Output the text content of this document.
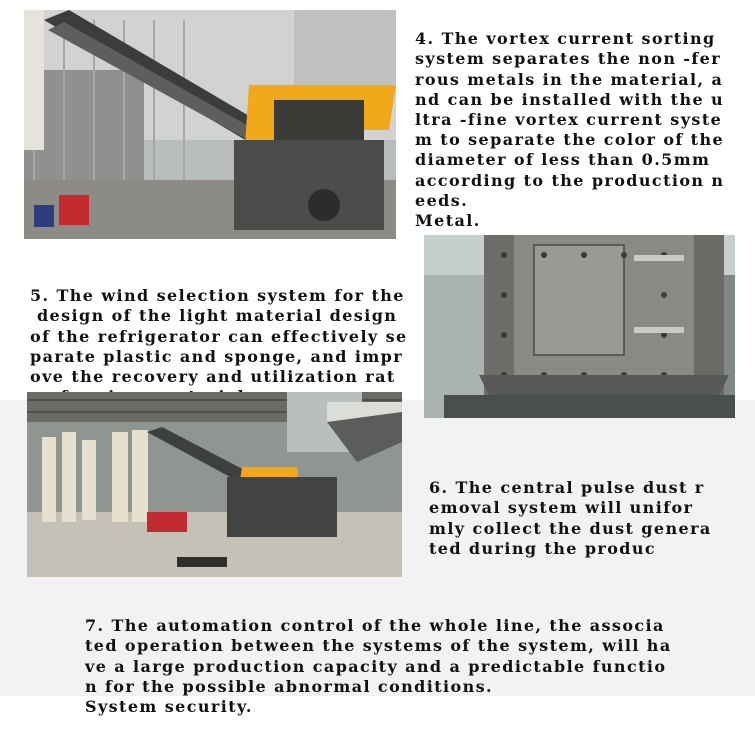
4. The vortex current sorting
system separates the non -fer
rous metals in the material, a
nd can be installed with the u
ltra -fine vortex current syste
m to separate the color of the
diameter of less than 0.5mm
according to the production n
eeds.
Metal.

5. The wind selection system for the
design of the light material design
of the refrigerator can effectively se
parate plastic and sponge, and impr
ove the recovery and utilization rat

6. The central pulse dust r
emoval system will unifor
mly collect the dust genera
ted during the produc

7. The automation control of the whole line, the associa
ted operation between the systems of the system, will ha
ve a large production capacity and a predictable functio
n for the possible abnormal conditions.
System security.
